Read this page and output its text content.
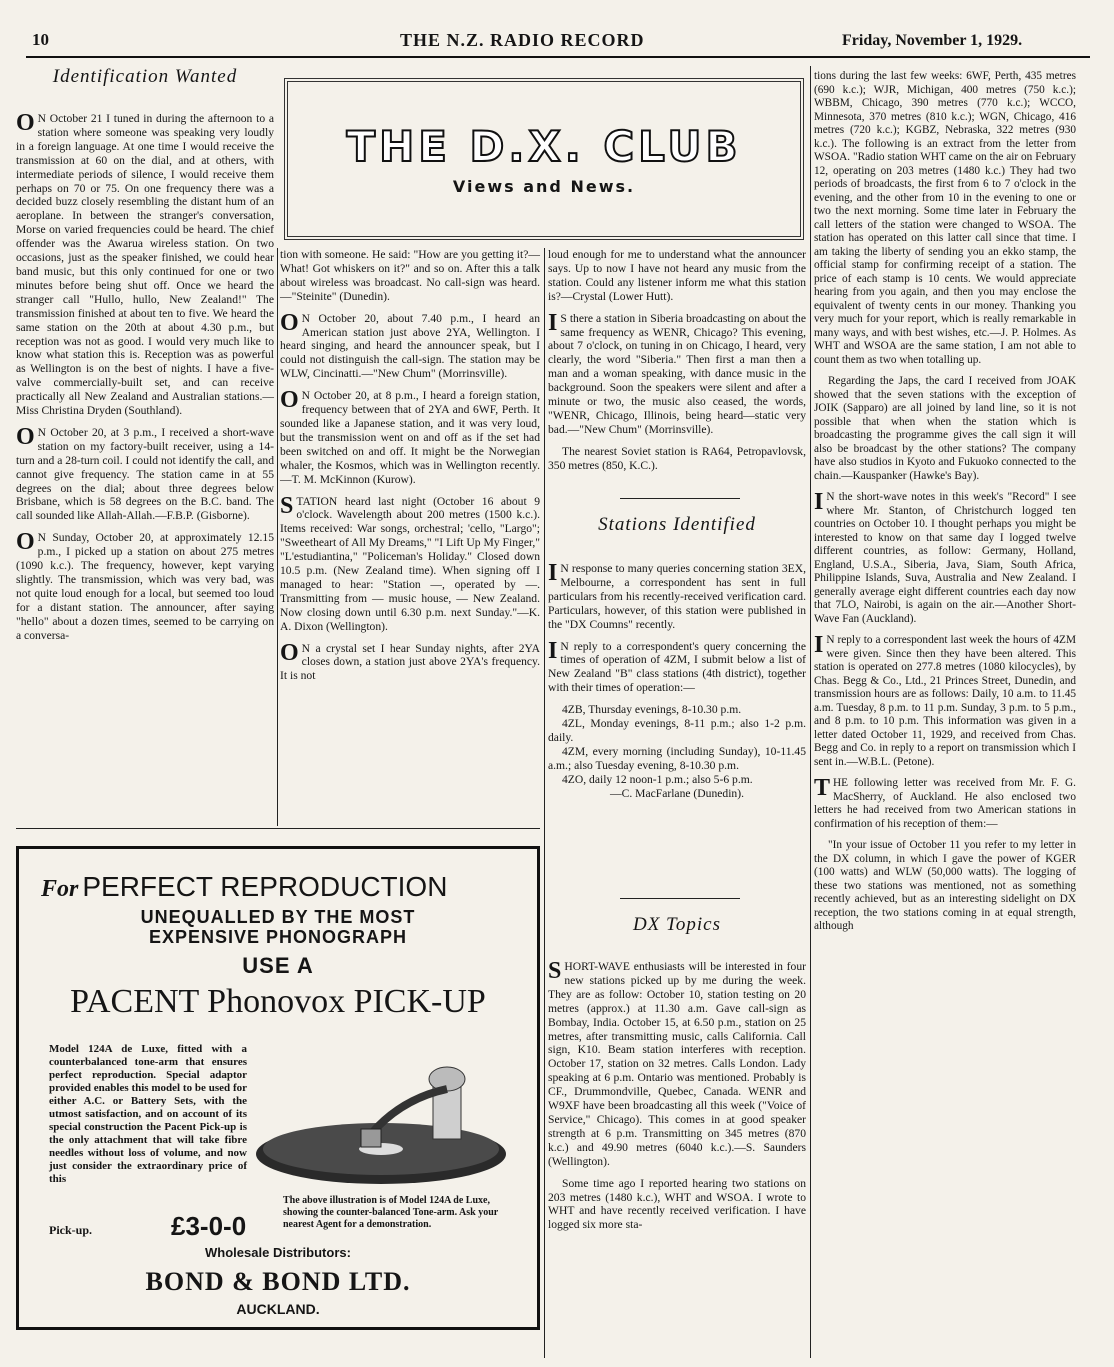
10	THE N.Z. RADIO RECORD	Friday, November 1, 1929.
Identification Wanted

O N October 21 I tuned in during the afternoon to a station where someone was speaking very loudly in a foreign language. At one time I would receive the transmission at 60 on the dial, and at others, with intermediate periods of silence, I would receive them perhaps on 70 or 75. On one frequency there was a decided buzz closely resembling the distant hum of an aeroplane. In between the stranger's conversation, Morse on varied frequencies could be heard. The chief offender was the Awarua wireless station. On two occasions, just as the speaker finished, we could hear band music, but this only continued for one or two minutes before being shut off. Once we heard the stranger call "Hullo, hullo, New Zealand!" The transmission finished at about ten to five. We heard the same station on the 20th at about 4.30 p.m., but reception was not as good. I would very much like to know what station this is. Reception was as powerful as Wellington is on the best of nights. I have a five-valve commercially-built set, and can receive practically all New Zealand and Australian stations.—Miss Christina Dryden (Southland).

O N October 20, at 3 p.m., I received a short-wave station on my factory-built receiver, using a 14-turn and a 28-turn coil. I could not identify the call, and cannot give frequency. The station came in at 55 degrees on the dial; about three degrees below Brisbane, which is 58 degrees on the B.C. band. The call sounded like Allah-Allah.—F.B.P. (Gisborne).

O N Sunday, October 20, at approximately 12.15 p.m., I picked up a station on about 275 metres (1090 k.c.). The frequency, however, kept varying slightly. The transmission, which was very bad, was not quite loud enough for a local, but seemed too loud for a distant station. The announcer, after saying "hello" about a dozen times, seemed to be carrying on a conversa-

THE D.X. CLUB
Views and News.

tion with someone. He said: "How are you getting it?—What! Got whiskers on it?" and so on. After this a talk about wireless was broadcast. No call-sign was heard.—"Steinite" (Dunedin).

O N October 20, about 7.40 p.m., I heard an American station just above 2YA, Wellington. I heard singing, and heard the announcer speak, but I could not distinguish the call-sign. The station may be WLW, Cincinatti.—"New Chum" (Morrinsville).

O N October 20, at 8 p.m., I heard a foreign station, frequency between that of 2YA and 6WF, Perth. It sounded like a Japanese station, and it was very loud, but the transmission went on and off as if the set had been switched on and off. It might be the Norwegian whaler, the Kosmos, which was in Wellington recently.—T. M. McKinnon (Kurow).

STATION heard last night (October 16 about 9 o'clock. Wavelength about 200 metres (1500 k.c.). Items received: War songs, orchestral; 'cello, "Largo"; "Sweetheart of All My Dreams," "I Lift Up My Finger," "L'estudiantina," "Policeman's Holiday." Closed down 10.5 p.m. (New Zealand time). When signing off I managed to hear: "Station —, operated by —. Transmitting from — music house, — New Zealand. Now closing down until 6.30 p.m. next Sunday."—K. A. Dixon (Wellington).

O N a crystal set I hear Sunday nights, after 2YA closes down, a station just above 2YA's frequency. It is not

loud enough for me to understand what the announcer says. Up to now I have not heard any music from the station. Could any listener inform me what this station is?—Crystal (Lower Hutt).

I S there a station in Siberia broadcasting on about the same frequency as WENR, Chicago? This evening, about 7 o'clock, on tuning in on Chicago, I heard, very clearly, the word "Siberia." Then first a man then a man and a woman speaking, with dance music in the background. Soon the speakers were silent and after a minute or two, the music also ceased, the words, "WENR, Chicago, Illinois, being heard—static very bad.—"New Chum" (Morrinsville).

The nearest Soviet station is RA64, Petropavlovsk, 350 metres (850, K.C.).

Stations Identified

I N response to many queries concerning station 3EX, Melbourne, a correspondent has sent in full particulars from his recently-received verification card. Particulars, however, of this station were published in the "DX Coumns" recently.

I N reply to a correspondent's query concerning the times of operation of 4ZM, I submit below a list of New Zealand "B" class stations (4th district), together with their times of operation:—

4ZB, Thursday evenings, 8-10.30 p.m.

4ZL, Monday evenings, 8-11 p.m.; also 1-2 p.m. daily.

4ZM, every morning (including Sunday), 10-11.45 a.m.; also Tuesday evening, 8-10.30 p.m.

4ZO, daily 12 noon-1 p.m.; also 5-6 p.m.

—C. MacFarlane (Dunedin).

DX Topics

SHORT-WAVE enthusiasts will be interested in four new stations picked up by me during the week. They are as follow: October 10, station testing on 20 metres (approx.) at 11.30 a.m. Gave call-sign as Bombay, India. October 15, at 6.50 p.m., station on 25 metres, after transmitting music, calls California. Call sign, K10. Beam station interferes with reception. October 17, station on 32 metres. Calls London. Lady speaking at 6 p.m. Ontario was mentioned. Probably is CF., Drummondville, Quebec, Canada. WENR and W9XF have been broadcasting all this week ("Voice of Service," Chicago). This comes in at good speaker strength at 6 p.m. Transmitting on 345 metres (870 k.c.) and 49.90 metres (6040 k.c.).—S. Saunders (Wellington).

Some time ago I reported hearing two stations on 203 metres (1480 k.c.), WHT and WSOA. I wrote to WHT and have recently received verification. I have logged six more sta-

tions during the last few weeks: 6WF, Perth, 435 metres (690 k.c.); WJR, Michigan, 400 metres (750 k.c.); WBBM, Chicago, 390 metres (770 k.c.); WCCO, Minnesota, 370 metres (810 k.c.); WGN, Chicago, 416 metres (720 k.c.); KGBZ, Nebraska, 322 metres (930 k.c.). The following is an extract from the letter from WSOA. "Radio station WHT came on the air on February 12, operating on 203 metres (1480 k.c.) They had two periods of broadcasts, the first from 6 to 7 o'clock in the evening, and the other from 10 in the evening to one or two the next morning. Some time later in February the call letters of the station were changed to WSOA. The station has operated on this latter call since that time. I am taking the liberty of sending you an ekko stamp, the official stamp for confirming receipt of a station. The price of each stamp is 10 cents. We would appreciate hearing from you again, and then you may enclose the equivalent of twenty cents in our money. Thanking you very much for your report, which is really remarkable in many ways, and with best wishes, etc.—J. P. Holmes. As WHT and WSOA are the same station, I am not able to count them as two when totalling up.

Regarding the Japs, the card I received from JOAK showed that the seven stations with the exception of JOIK (Sapparo) are all joined by land line, so it is not possible that when when the station which is broadcasting the programme gives the call sign it will also be broadcast by the other stations? The company have also studios in Kyoto and Fukuoko connected to the chain.—Kauspanker (Hawke's Bay).

I N the short-wave notes in this week's "Record" I see where Mr. Stanton, of Christchurch logged ten countries on October 10. I thought perhaps you might be interested to know on that same day I logged twelve different countries, as follow: Germany, Holland, England, U.S.A., Siberia, Java, Siam, South Africa, Philippine Islands, Suva, Australia and New Zealand. I generally average eight different countries each day now that 7LO, Nairobi, is again on the air.—Another Short-Wave Fan (Auckland).

I N reply to a correspondent last week the hours of 4ZM were given. Since then they have been altered. This station is operated on 277.8 metres (1080 kilocycles), by Chas. Begg & Co., Ltd., 21 Princes Street, Dunedin, and transmission hours are as follows: Daily, 10 a.m. to 11.45 a.m. Tuesday, 8 p.m. to 11 p.m. Sunday, 3 p.m. to 5 p.m., and 8 p.m. to 10 p.m. This information was given in a letter dated October 11, 1929, and received from Chas. Begg and Co. in reply to a report on transmission which I sent in.—W.B.L. (Petone).

THE following letter was received from Mr. F. G. MacSherry, of Auckland. He also enclosed two letters he had received from two American stations in confirmation of his reception of them:—

"In your issue of October 11 you refer to my letter in the DX column, in which I gave the power of KGER (100 watts) and WLW (50,000 watts). The logging of these two stations was mentioned, not as something recently achieved, but as an interesting sidelight on DX reception, the two stations coming in at equal strength, although

For PERFECT REPRODUCTION
UNEQUALLED BY THE MOST
EXPENSIVE PHONOGRAPH
USE A
PACENT Phonovox PICK-UP
Model 124A de Luxe, fitted with a counterbalanced tone-arm that ensures perfect reproduction. Special adaptor provided enables this model to be used for either A.C. or Battery Sets, with the utmost satisfaction, and on account of its special construction the Pacent Pick-up is the only attachment that will take fibre needles without loss of volume, and now just consider the extraordinary price of this
Pick-up.	£3-0-0
The above illustration is of Model 124A de Luxe, showing the counter-balanced Tone-arm. Ask your nearest Agent for a demonstration.
Wholesale Distributors:
BOND & BOND LTD.
AUCKLAND.
